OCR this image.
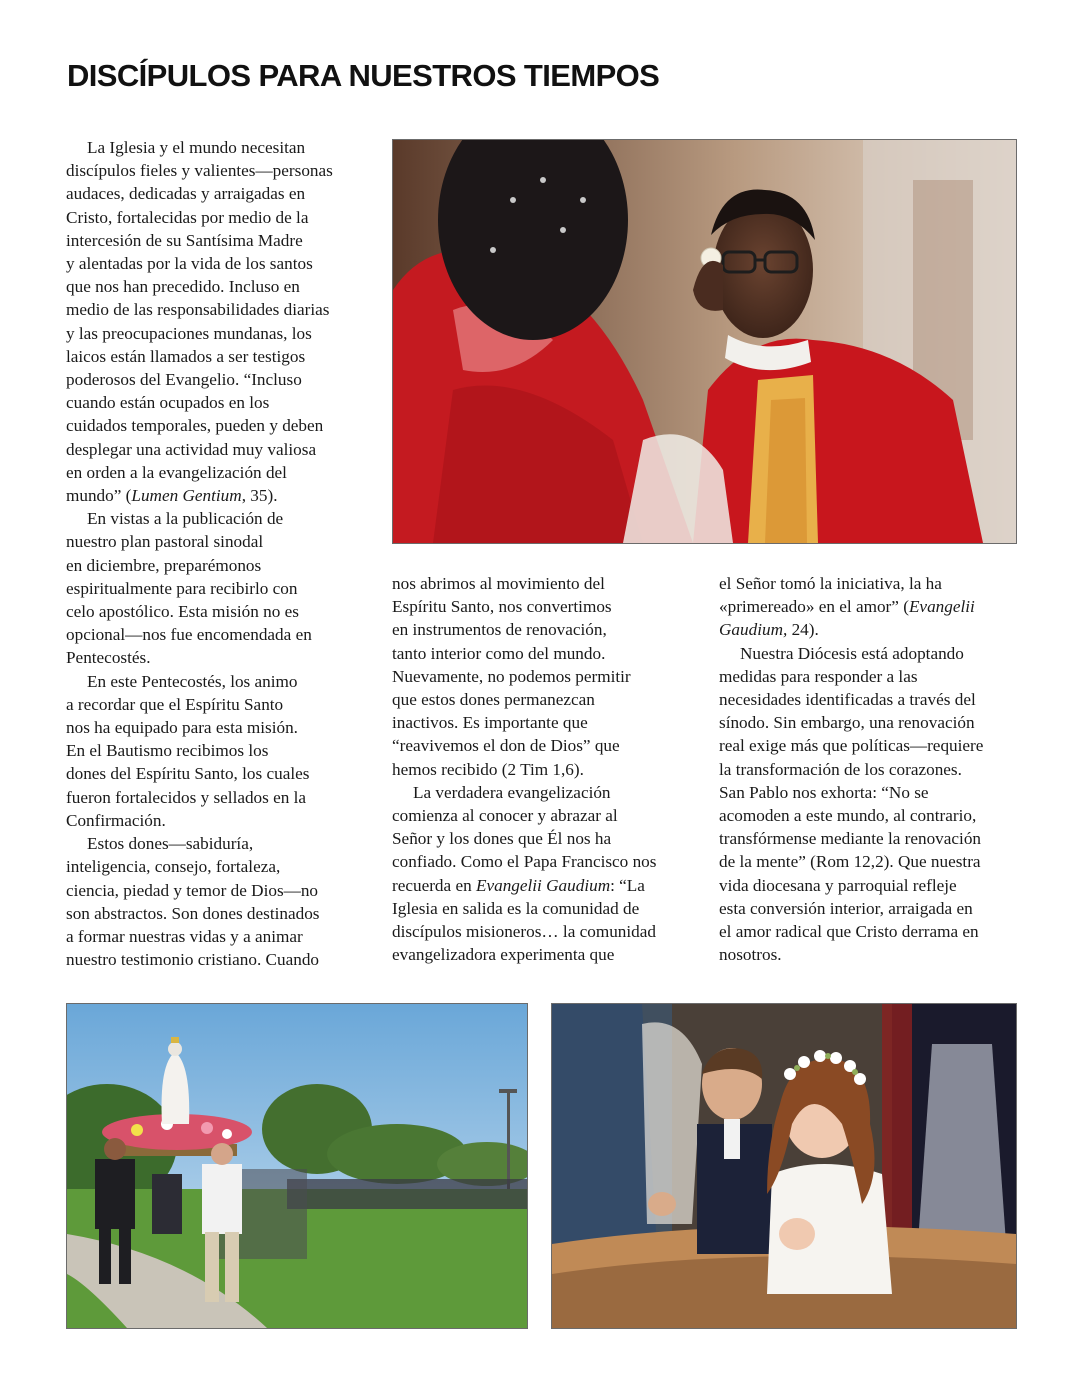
DISCÍPULOS PARA NUESTROS TIEMPOS

La Iglesia y el mundo necesitan

discípulos fieles y valientes—personas

audaces, dedicadas y arraigadas en

Cristo, fortalecidas por medio de la

intercesión de su Santísima Madre

y alentadas por la vida de los santos

que nos han precedido. Incluso en

medio de las responsabilidades diarias

y las preocupaciones mundanas, los

laicos están llamados a ser testigos

poderosos del Evangelio. “Incluso

cuando están ocupados en los

cuidados temporales, pueden y deben

desplegar una actividad muy valiosa

en orden a la evangelización del

mundo” (Lumen Gentium, 35).

En vistas a la publicación de

nuestro plan pastoral sinodal

en diciembre, preparémonos

espiritualmente para recibirlo con

celo apostólico. Esta misión no es

opcional—nos fue encomendada en

Pentecostés.

En este Pentecostés, los animo

a recordar que el Espíritu Santo

nos ha equipado para esta misión.

En el Bautismo recibimos los

dones del Espíritu Santo, los cuales

fueron fortalecidos y sellados en la

Confirmación.

Estos dones—sabiduría,

inteligencia, consejo, fortaleza,

ciencia, piedad y temor de Dios—no

son abstractos. Son dones destinados

a formar nuestras vidas y a animar

nuestro testimonio cristiano. Cuando

nos abrimos al movimiento del

Espíritu Santo, nos convertimos

en instrumentos de renovación,

tanto interior como del mundo.

Nuevamente, no podemos permitir

que estos dones permanezcan

inactivos. Es importante que

“reavivemos el don de Dios” que

hemos recibido (2 Tim 1,6).

La verdadera evangelización

comienza al conocer y abrazar al

Señor y los dones que Él nos ha

confiado. Como el Papa Francisco nos

recuerda en Evangelii Gaudium: “La

Iglesia en salida es la comunidad de

discípulos misioneros… la comunidad

evangelizadora experimenta que

el Señor tomó la iniciativa, la ha

«primereado» en el amor” (Evangelii

Gaudium, 24).

Nuestra Diócesis está adoptando

medidas para responder a las

necesidades identificadas a través del

sínodo. Sin embargo, una renovación

real exige más que políticas—requiere

la transformación de los corazones.

San Pablo nos exhorta: “No se

acomoden a este mundo, al contrario,

transfórmense mediante la renovación

de la mente” (Rom 12,2). Que nuestra

vida diocesana y parroquial refleje

esta conversión interior, arraigada en

el amor radical que Cristo derrama en

nosotros.
